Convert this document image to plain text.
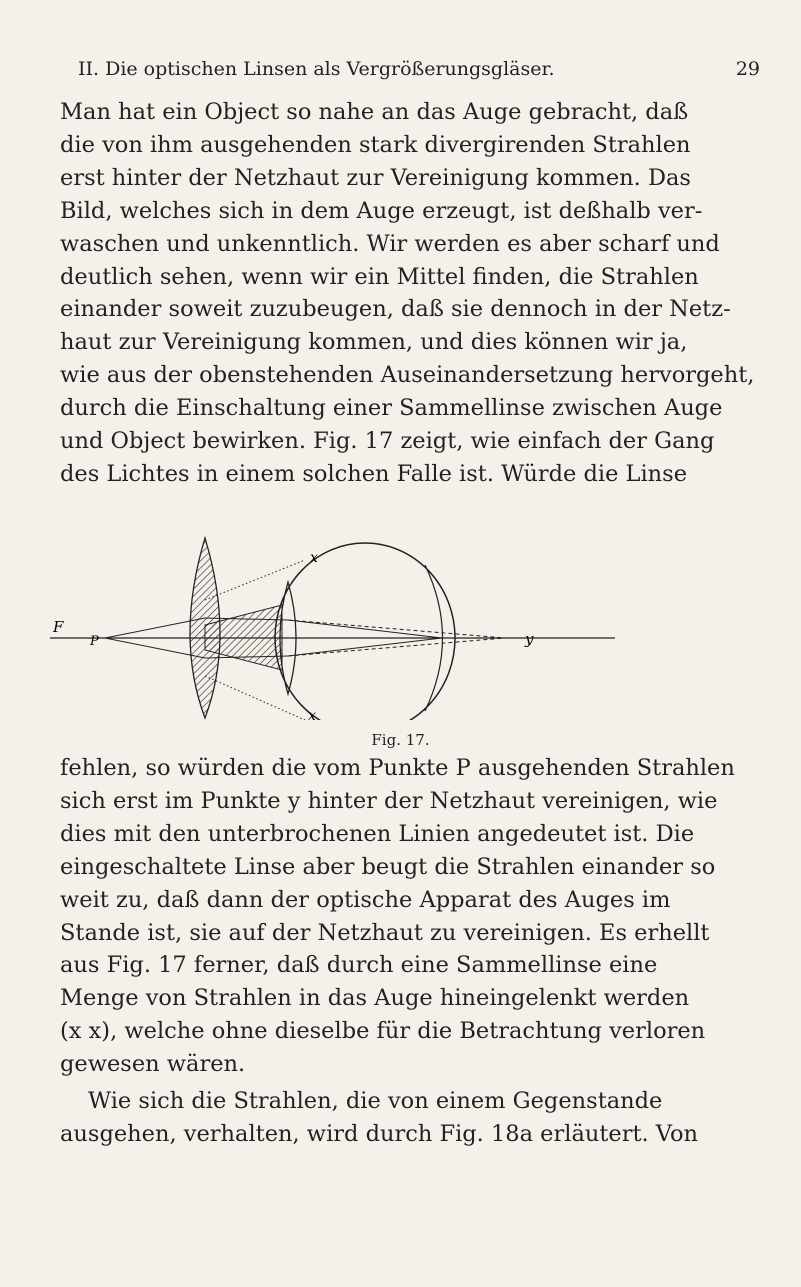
II. Die optischen Linsen als Vergrößerungsgläser.	29

Man hat ein Object so nahe an das Auge gebracht, daß
die von ihm ausgehenden stark divergirenden Strahlen
erst hinter der Netzhaut zur Vereinigung kommen. Das
Bild, welches sich in dem Auge erzeugt, ist deßhalb ver-
waschen und unkenntlich. Wir werden es aber scharf und
deutlich sehen, wenn wir ein Mittel finden, die Strahlen
einander soweit zuzubeugen, daß sie dennoch in der Netz-
haut zur Vereinigung kommen, und dies können wir ja,
wie aus der obenstehenden Auseinandersetzung hervorgeht,
durch die Einschaltung einer Sammellinse zwischen Auge
und Object bewirken. Fig. 17 zeigt, wie einfach der Gang
des Lichtes in einem solchen Falle ist. Würde die Linse

F
P
x
x
y
Fig. 17.

fehlen, so würden die vom Punkte P ausgehenden Strahlen
sich erst im Punkte y hinter der Netzhaut vereinigen, wie
dies mit den unterbrochenen Linien angedeutet ist. Die
eingeschaltete Linse aber beugt die Strahlen einander so
weit zu, daß dann der optische Apparat des Auges im
Stande ist, sie auf der Netzhaut zu vereinigen. Es erhellt
aus Fig. 17 ferner, daß durch eine Sammellinse eine
Menge von Strahlen in das Auge hineingelenkt werden
(x x), welche ohne dieselbe für die Betrachtung verloren
gewesen wären.

Wie sich die Strahlen, die von einem Gegenstande
ausgehen, verhalten, wird durch Fig. 18a erläutert. Von
